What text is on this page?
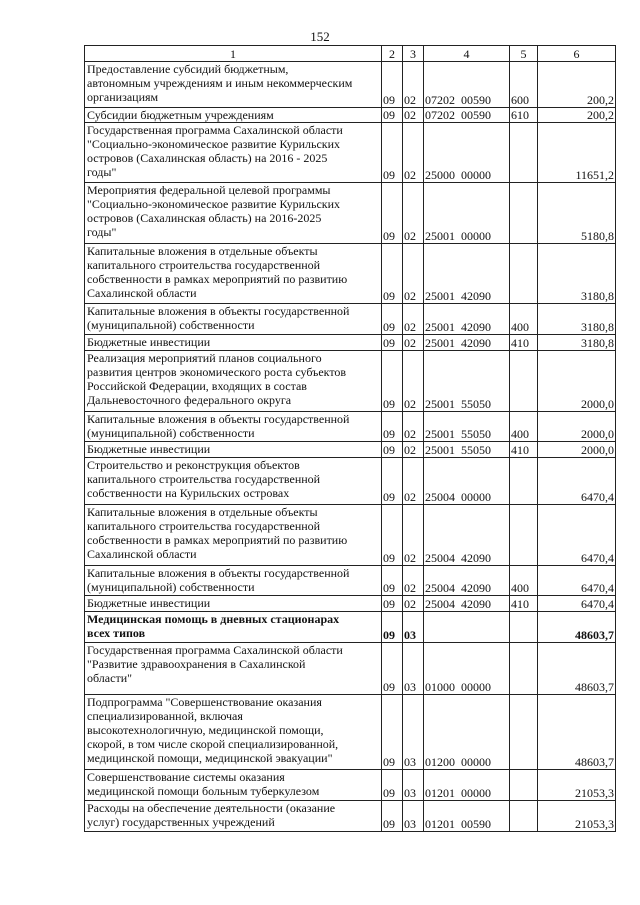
152
1	2	3	4	5	6
Предоставление субсидий бюджетным,
автономным учреждениям и иным некоммерческим
организациям	09	02	07202  00590	600	200,2
Субсидии бюджетным учреждениям	09	02	07202  00590	610	200,2
Государственная программа Сахалинской области
"Социально-экономическое развитие Курильских
островов (Сахалинская область) на 2016 - 2025
годы"	09	02	25000  00000		11651,2
Мероприятия федеральной целевой программы
"Социально-экономическое развитие Курильских
островов (Сахалинская область) на 2016-2025
годы"	09	02	25001  00000		5180,8
Капитальные вложения в отдельные объекты
капитального строительства государственной
собственности в рамках мероприятий по развитию
Сахалинской области	09	02	25001  42090		3180,8
Капитальные вложения в объекты государственной
(муниципальной) собственности	09	02	25001  42090	400	3180,8
Бюджетные инвестиции	09	02	25001  42090	410	3180,8
Реализация мероприятий планов социального
развития центров экономического роста субъектов
Российской Федерации, входящих в состав
Дальневосточного федерального округа	09	02	25001  55050		2000,0
Капитальные вложения в объекты государственной
(муниципальной) собственности	09	02	25001  55050	400	2000,0
Бюджетные инвестиции	09	02	25001  55050	410	2000,0
Строительство и реконструкция объектов
капитального строительства государственной
собственности на Курильских островах	09	02	25004  00000		6470,4
Капитальные вложения в отдельные объекты
капитального строительства государственной
собственности в рамках мероприятий по развитию
Сахалинской области	09	02	25004  42090		6470,4
Капитальные вложения в объекты государственной
(муниципальной) собственности	09	02	25004  42090	400	6470,4
Бюджетные инвестиции	09	02	25004  42090	410	6470,4
Медицинская помощь в дневных стационарах
всех типов	09	03			48603,7
Государственная программа Сахалинской области
"Развитие здравоохранения в Сахалинской
области"	09	03	01000  00000		48603,7
Подпрограмма "Совершенствование оказания
специализированной, включая
высокотехнологичную, медицинской помощи,
скорой, в том числе скорой специализированной,
медицинской помощи, медицинской эвакуации"	09	03	01200  00000		48603,7
Совершенствование системы оказания
медицинской помощи больным туберкулезом	09	03	01201  00000		21053,3
Расходы на обеспечение деятельности (оказание
услуг) государственных учреждений	09	03	01201  00590		21053,3
